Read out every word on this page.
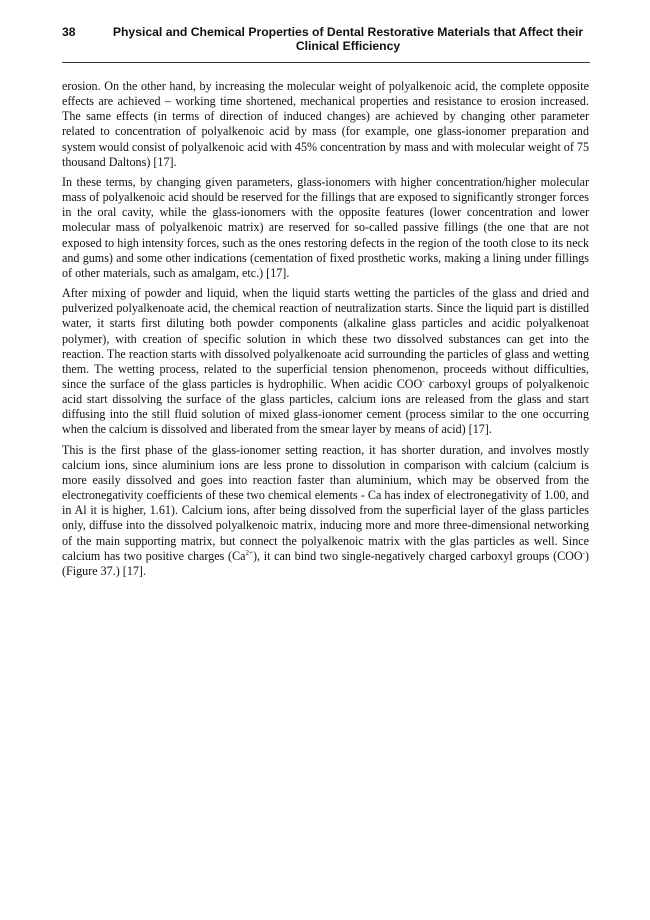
38	Physical and Chemical Properties of Dental Restorative Materials that Affect their Clinical Efficiency

erosion. On the other hand, by increasing the molecular weight of polyalkenoic acid, the complete opposite effects are achieved – working time shortened, mechanical properties and resistance to erosion increased. The same effects (in terms of direction of induced changes) are achieved by changing other parameter related to concentration of polyalkenoic acid by mass (for example, one glass-ionomer preparation and system would consist of polyalkenoic acid with 45% concentration by mass and with molecular weight of 75 thousand Daltons) [17].

In these terms, by changing given parameters, glass-ionomers with higher concentration/higher molecular mass of polyalkenoic acid should be reserved for the fillings that are exposed to significantly stronger forces in the oral cavity, while the glass-ionomers with the opposite features (lower concentration and lower molecular mass of polyalkenoic matrix) are reserved for so-called passive fillings (the one that are not exposed to high intensity forces, such as the ones restoring defects in the region of the tooth close to its neck and gums) and some other indications (cementation of fixed prosthetic works, making a lining under fillings of other materials, such as amalgam, etc.) [17].

After mixing of powder and liquid, when the liquid starts wetting the particles of the glass and dried and pulverized polyalkenoate acid, the chemical reaction of neutralization starts. Since the liquid part is distilled water, it starts first diluting both powder components (alkaline glass particles and acidic polyalkenoat polymer), with creation of specific solution in which these two dissolved substances can get into the reaction. The reaction starts with dissolved polyalkenoate acid surrounding the particles of glass and wetting them. The wetting process, related to the superficial tension phenomenon, proceeds without difficulties, since the surface of the glass particles is hydrophilic. When acidic COO- carboxyl groups of polyalkenoic acid start dissolving the surface of the glass particles, calcium ions are released from the glass and start diffusing into the still fluid solution of mixed glass-ionomer cement (process similar to the one occurring when the calcium is dissolved and liberated from the smear layer by means of acid) [17].

This is the first phase of the glass-ionomer setting reaction, it has shorter duration, and involves mostly calcium ions, since aluminium ions are less prone to dissolution in comparison with calcium (calcium is more easily dissolved and goes into reaction faster than aluminium, which may be observed from the electronegativity coefficients of these two chemical elements - Ca has index of electronegativity of 1.00, and in Al it is higher, 1.61). Calcium ions, after being dissolved from the superficial layer of the glass particles only, diffuse into the dissolved polyalkenoic matrix, inducing more and more three-dimensional networking of the main supporting matrix, but connect the polyalkenoic matrix with the glas particles as well. Since calcium has two positive charges $(Ca^{2+})$, it can bind two single-negatively charged carboxyl groups (COO-) (Figure 37.) [17].
